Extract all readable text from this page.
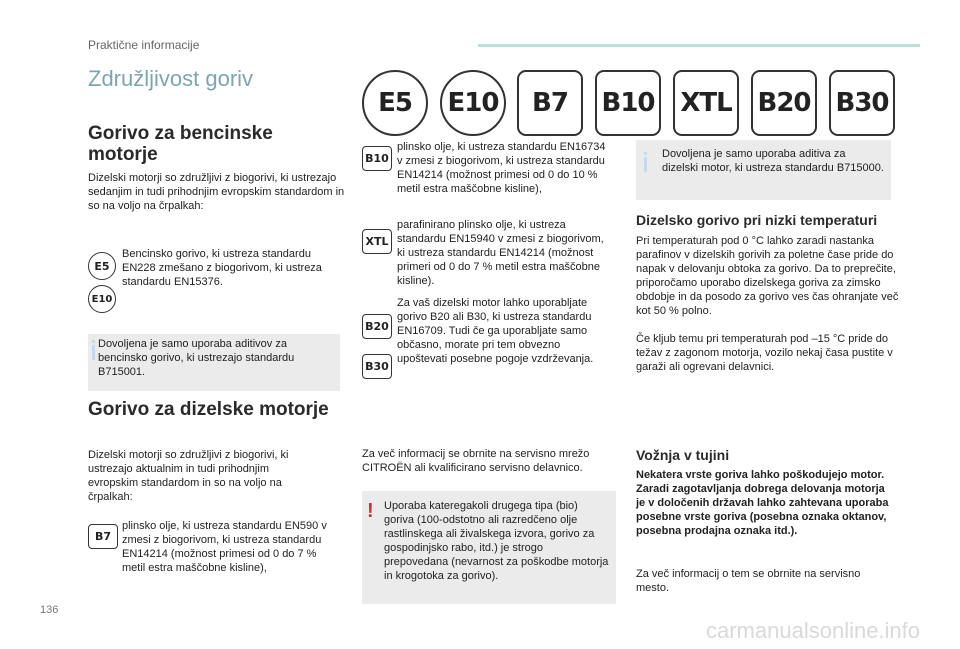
Praktične informacije
Združljivost goriv
E5	E10	B7	B10 XTL B20 B30
Gorivo za bencinske motorje
Dizelski motorji so združljivi z biogorivi, ki ustrezajo sedanjim in tudi prihodnjim evropskim standardom in so na voljo na črpalkah:
E5
E10
Bencinsko gorivo, ki ustreza standardu EN228 zmešano z biogorivom, ki ustreza standardu EN15376.
Dovoljena je samo uporaba aditivov za bencinsko gorivo, ki ustrezajo standardu B715001.
Gorivo za dizelske motorje
Dizelski motorji so združljivi z biogorivi, ki ustrezajo aktualnim in tudi prihodnjim evropskim standardom in so na voljo na črpalkah:
B7
plinsko olje, ki ustreza standardu EN590 v zmesi z biogorivom, ki ustreza standardu EN14214 (možnost primesi od 0 do 7 % metil estra maščobne kisline),
B10
plinsko olje, ki ustreza standardu EN16734 v zmesi z biogorivom, ki ustreza standardu EN14214 (možnost primesi od 0 do 10 % metil estra maščobne kisline),
XTL
parafinirano plinsko olje, ki ustreza standardu EN15940 v zmesi z biogorivom, ki ustreza standardu EN14214 (možnost primeri od 0 do 7 % metil estra maščobne kisline).
B20
B30
Za vaš dizelski motor lahko uporabljate gorivo B20 ali B30, ki ustreza standardu EN16709. Tudi če ga uporabljate samo občasno, morate pri tem obvezno upoštevati posebne pogoje vzdrževanja.
Za več informacij se obrnite na servisno mrežo CITROËN ali kvalificirano servisno delavnico.
! Uporaba kateregakoli drugega tipa (bio) goriva (100-odstotno ali razredčeno olje rastlinskega ali živalskega izvora, gorivo za gospodinjsko rabo, itd.) je strogo prepovedana (nevarnost za poškodbe motorja in krogotoka za gorivo).
Dovoljena je samo uporaba aditiva za dizelski motor, ki ustreza standardu B715000.
Dizelsko gorivo pri nizki temperaturi
Pri temperaturah pod 0 °C lahko zaradi nastanka parafinov v dizelskih gorivih za poletne čase pride do napak v delovanju obtoka za gorivo. Da to preprečite, priporočamo uporabo dizelskega goriva za zimsko obdobje in da posodo za gorivo ves čas ohranjate več kot 50 % polno.
Če kljub temu pri temperaturah pod –15 °C pride do težav z zagonom motorja, vozilo nekaj časa pustite v garaži ali ogrevani delavnici.
Vožnja v tujini
Nekatera vrste goriva lahko poškodujejo motor. Zaradi zagotavljanja dobrega delovanja motorja je v določenih državah lahko zahtevana uporaba posebne vrste goriva (posebna oznaka oktanov, posebna prodajna oznaka itd.).
Za več informacij o tem se obrnite na servisno mesto.
136
carmanualsonline.info
